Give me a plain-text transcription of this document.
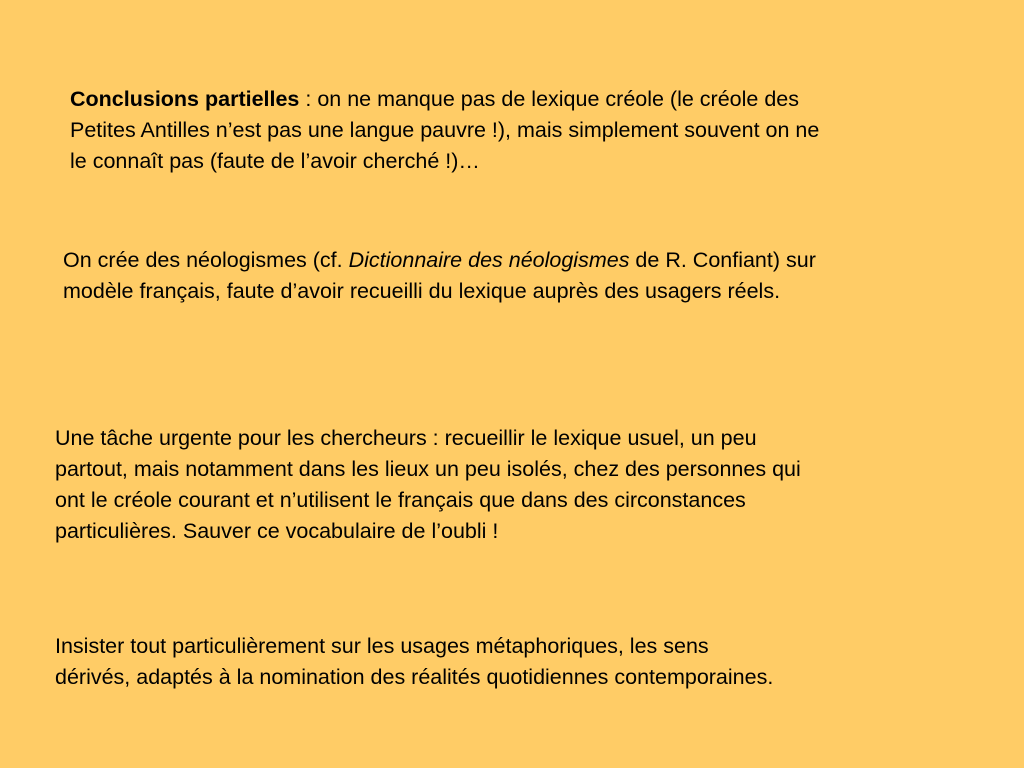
Conclusions partielles : on ne manque pas de lexique créole (le créole des
Petites Antilles n’est pas une langue pauvre !), mais simplement souvent on ne
le connaît pas (faute de l’avoir cherché !)…

On crée des néologismes (cf. Dictionnaire des néologismes de R. Confiant) sur
modèle français, faute d’avoir recueilli du lexique auprès des usagers réels.

Une tâche urgente pour les chercheurs : recueillir le lexique usuel, un peu
partout, mais notamment dans les lieux un peu isolés, chez des personnes qui
ont le créole courant et n’utilisent le français que dans des circonstances
particulières. Sauver ce vocabulaire de l’oubli !

Insister tout particulièrement sur les usages métaphoriques, les sens
dérivés, adaptés à la nomination des réalités quotidiennes contemporaines.
